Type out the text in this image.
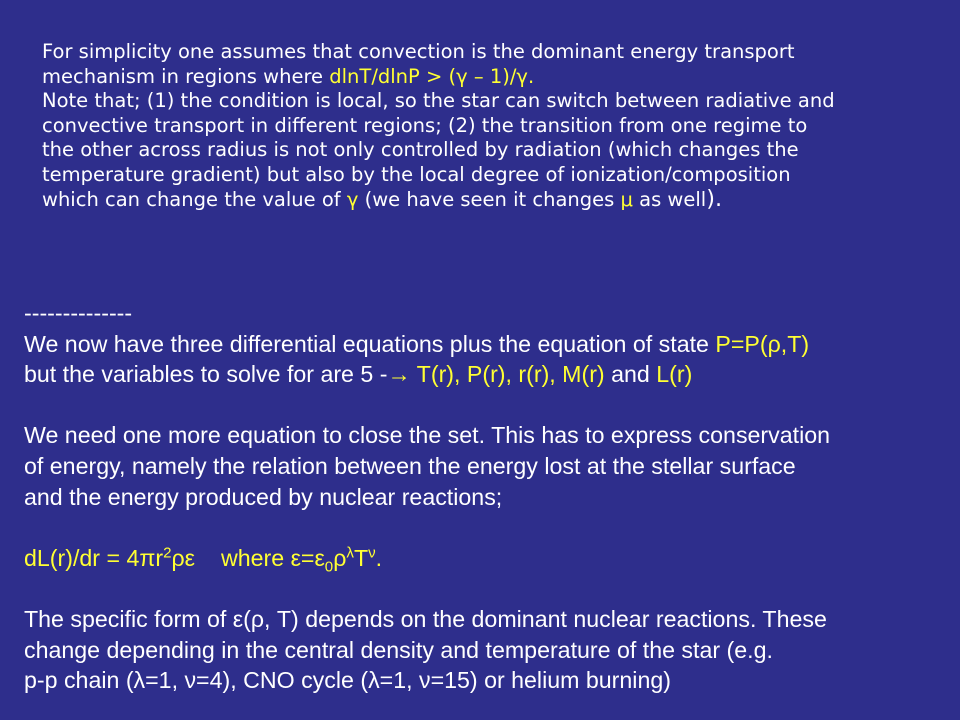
For simplicity one assumes that convection is the dominant energy transport
mechanism in regions where dlnT/dlnP > (γ – 1)/γ.
Note that; (1) the condition is local, so the star can switch between radiative and
convective transport in different regions; (2) the transition from one regime to
the other across radius is not only controlled by radiation (which changes the
temperature gradient) but also by the local degree of ionization/composition
which can change the value of γ (we have seen it changes μ as well).
--------------
We now have three differential equations plus the equation of state P=P(ρ,T)
but the variables to solve for are 5 -→ T(r), P(r), r(r), M(r) and L(r)
We need one more equation to close the set. This has to express conservation
of energy, namely the relation between the energy lost at the stellar surface
and the energy produced by nuclear reactions;
$dL(r)/dr = 4\pi r^2\rho\varepsilon$ where $\varepsilon=\varepsilon_0\rho^\lambda T^\nu$.
The specific form of ε(ρ, T) depends on the dominant nuclear reactions. These
change depending in the central density and temperature of the star (e.g.
p-p chain (λ=1, ν=4), CNO cycle (λ=1, ν=15) or helium burning)
